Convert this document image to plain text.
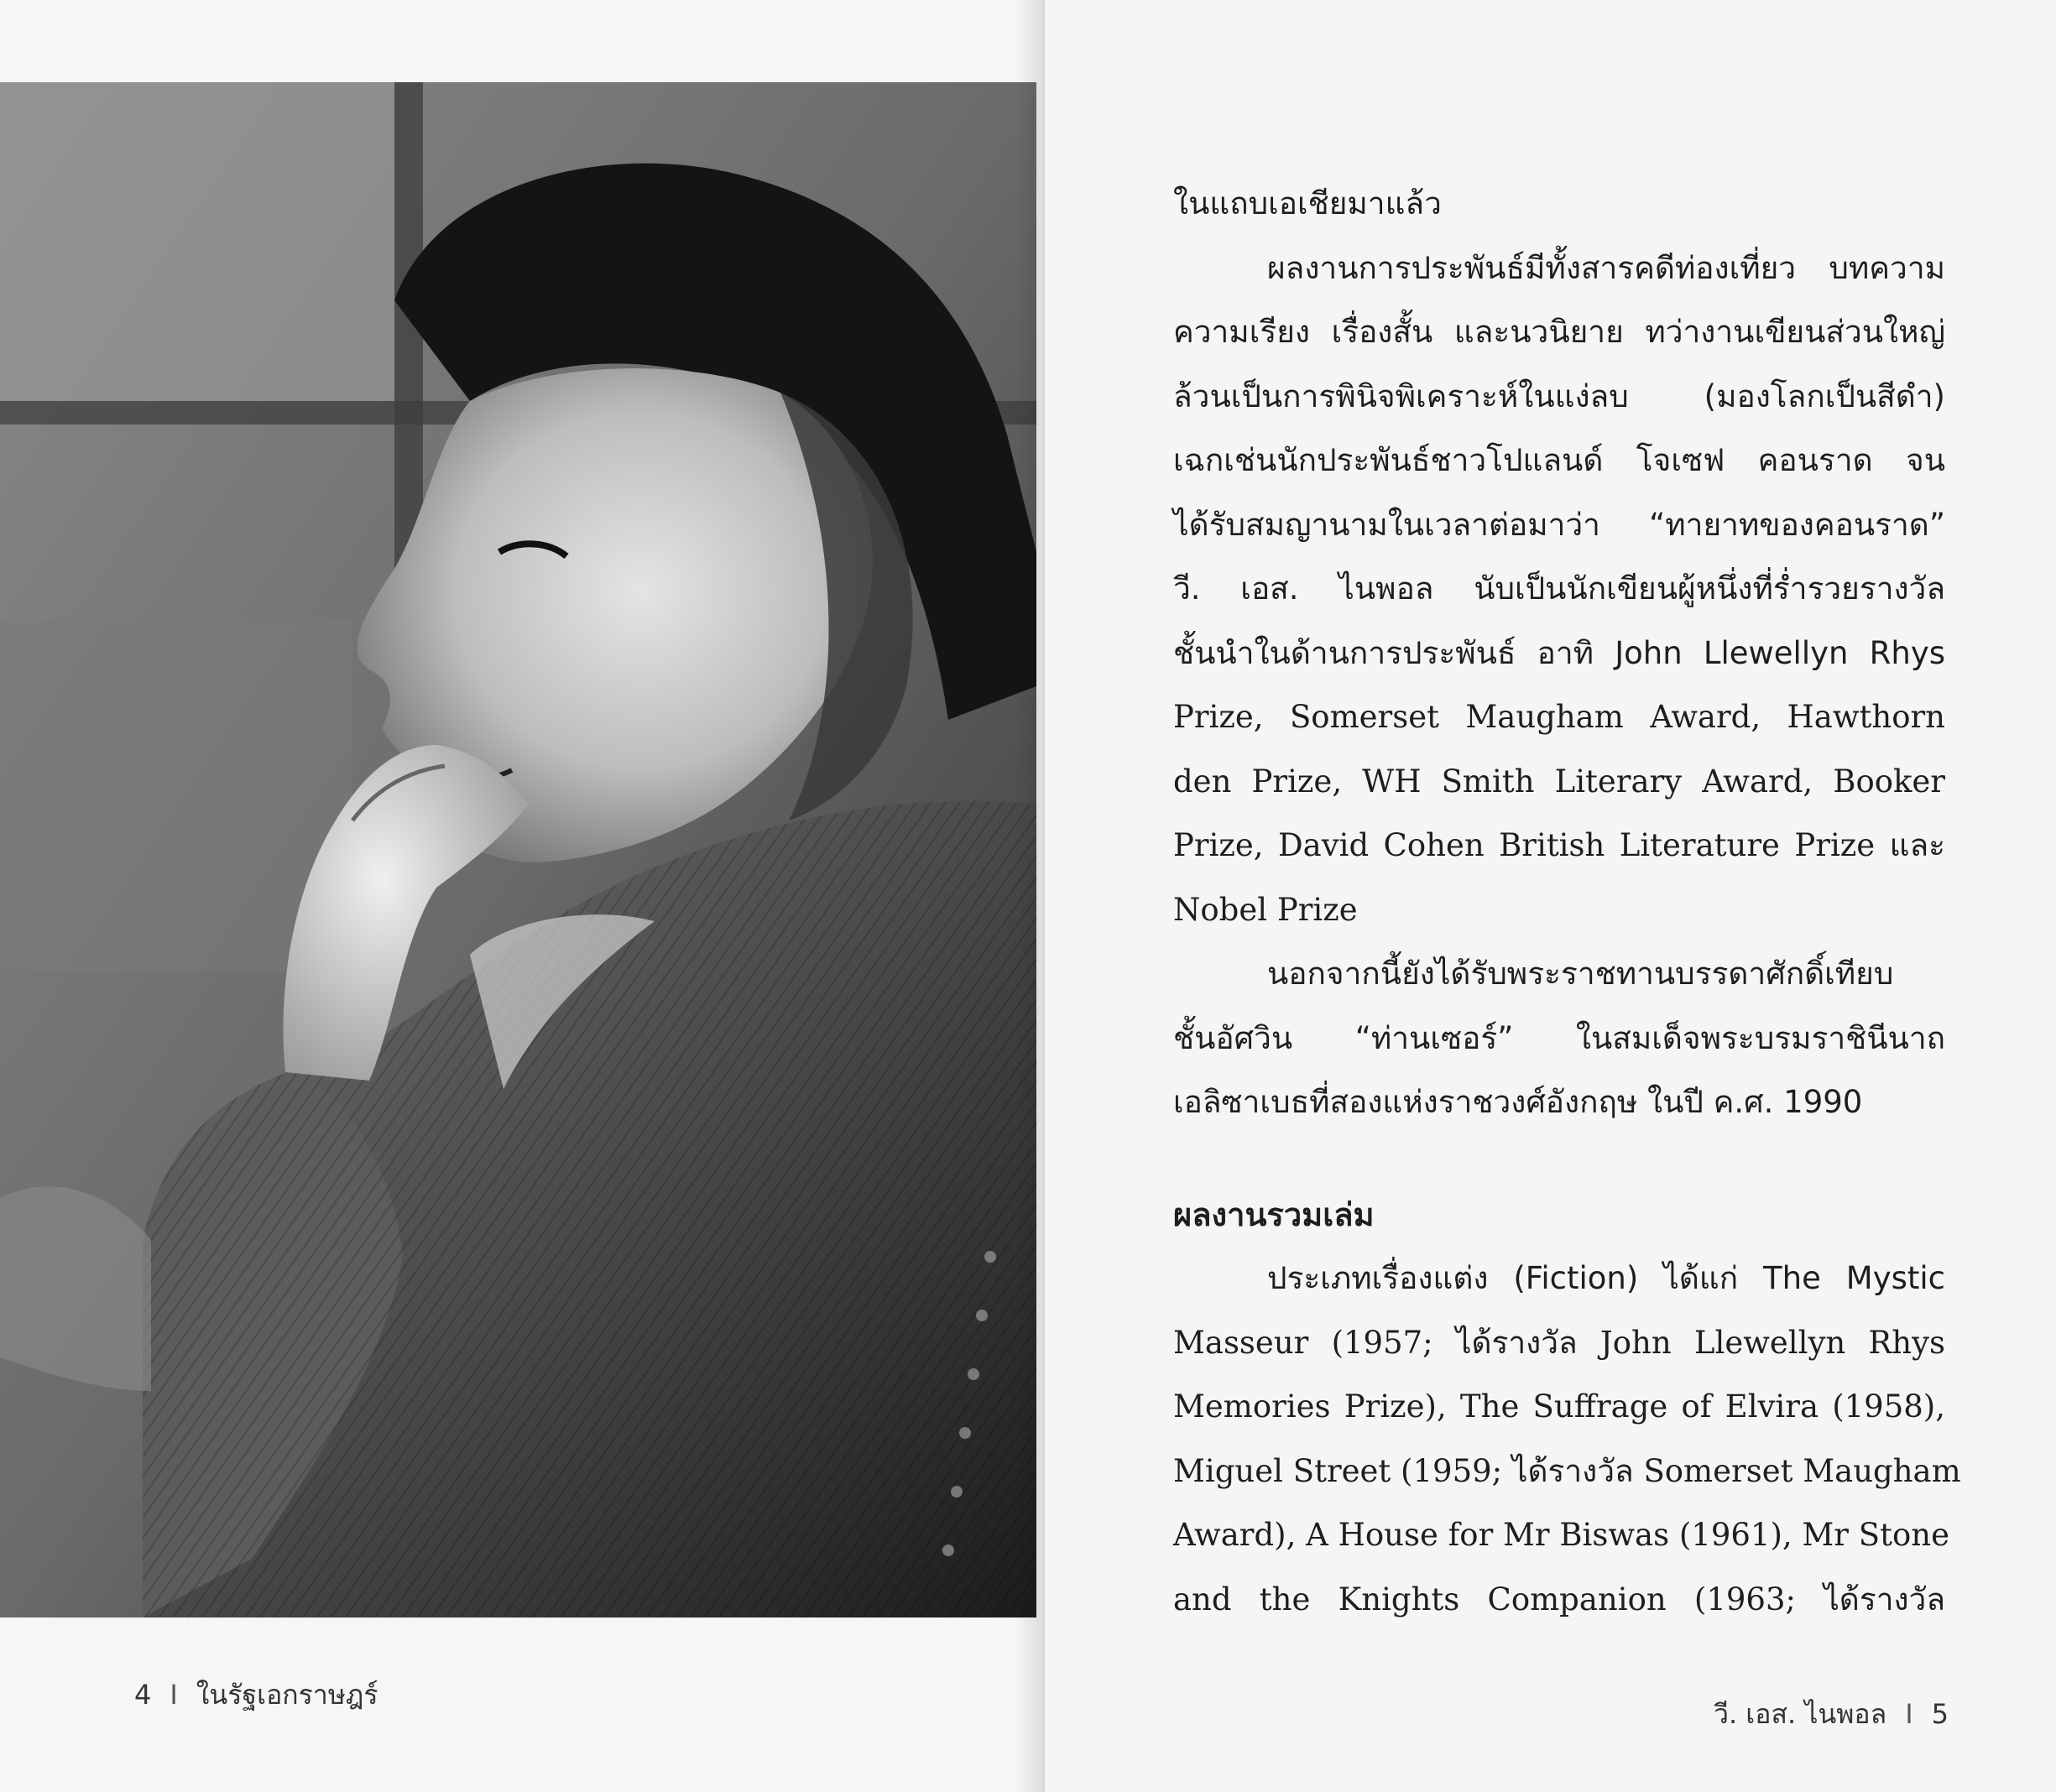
4 I ในรัฐเอกราษฎร์
ในแถบเอเชียมาแล้ว
ผลงานการประพันธ์มีทั้งสารคดีท่องเที่ยว บทความ
ความเรียง เรื่องสั้น และนวนิยาย ทว่างานเขียนส่วนใหญ่
ล้วนเป็นการพินิจพิเคราะห์ในแง่ลบ (มองโลกเป็นสีดำ)
เฉกเช่นนักประพันธ์ชาวโปแลนด์ โจเซฟ คอนราด จน
ได้รับสมญานามในเวลาต่อมาว่า “ทายาทของคอนราด”
วี. เอส. ไนพอล นับเป็นนักเขียนผู้หนึ่งที่ร่ำรวยรางวัล
ชั้นนำในด้านการประพันธ์ อาทิ John Llewellyn Rhys
Prize, Somerset Maugham Award, Hawthorn
den Prize, WH Smith Literary Award, Booker
Prize, David Cohen British Literature Prize และ
Nobel Prize
นอกจากนี้ยังได้รับพระราชทานบรรดาศักดิ์เทียบ
ชั้นอัศวิน “ท่านเซอร์” ในสมเด็จพระบรมราชินีนาถ
เอลิซาเบธที่สองแห่งราชวงศ์อังกฤษ ในปี ค.ศ. 1990
ผลงานรวมเล่ม
ประเภทเรื่องแต่ง (Fiction) ได้แก่ The Mystic
Masseur (1957; ได้รางวัล John Llewellyn Rhys
Memories Prize), The Suffrage of Elvira (1958),
Miguel Street (1959; ได้รางวัล Somerset Maugham
Award), A House for Mr Biswas (1961), Mr Stone
and the Knights Companion (1963; ได้รางวัล
วี. เอส. ไนพอล I 5
